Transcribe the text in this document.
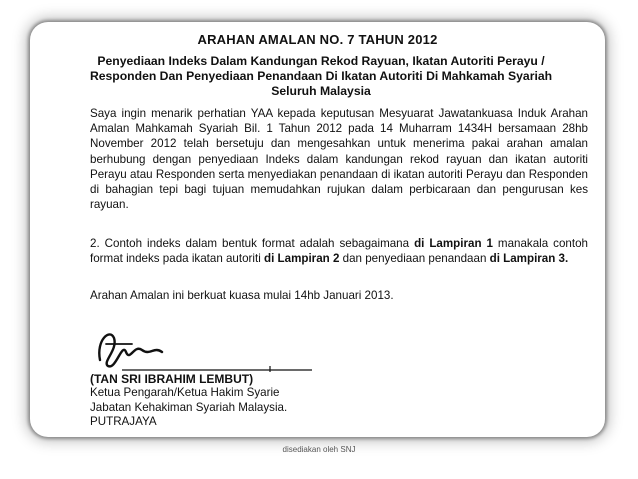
ARAHAN AMALAN NO. 7 TAHUN 2012
Penyediaan Indeks Dalam Kandungan Rekod Rayuan, Ikatan Autoriti Perayu / Responden Dan Penyediaan Penandaan Di Ikatan Autoriti Di Mahkamah Syariah Seluruh Malaysia
Saya ingin menarik perhatian YAA kepada keputusan Mesyuarat Jawatankuasa Induk Arahan Amalan Mahkamah Syariah Bil. 1 Tahun 2012 pada 14 Muharram 1434H bersamaan 28hb November 2012 telah bersetuju dan mengesahkan untuk menerima pakai arahan amalan berhubung dengan penyediaan Indeks dalam kandungan rekod rayuan dan ikatan autoriti Perayu atau Responden serta menyediakan penandaan di ikatan autoriti Perayu dan Responden di bahagian tepi bagi tujuan memudahkan rujukan dalam perbicaraan dan pengurusan kes rayuan.
2. Contoh indeks dalam bentuk format adalah sebagaimana di Lampiran 1 manakala contoh format indeks pada ikatan autoriti di Lampiran 2 dan penyediaan penandaan di Lampiran 3.
Arahan Amalan ini berkuat kuasa mulai 14hb Januari 2013.
(TAN SRI IBRAHIM LEMBUT)
Ketua Pengarah/Ketua Hakim Syarie
Jabatan Kehakiman Syariah Malaysia.
PUTRAJAYA
disediakan oleh SNJ
